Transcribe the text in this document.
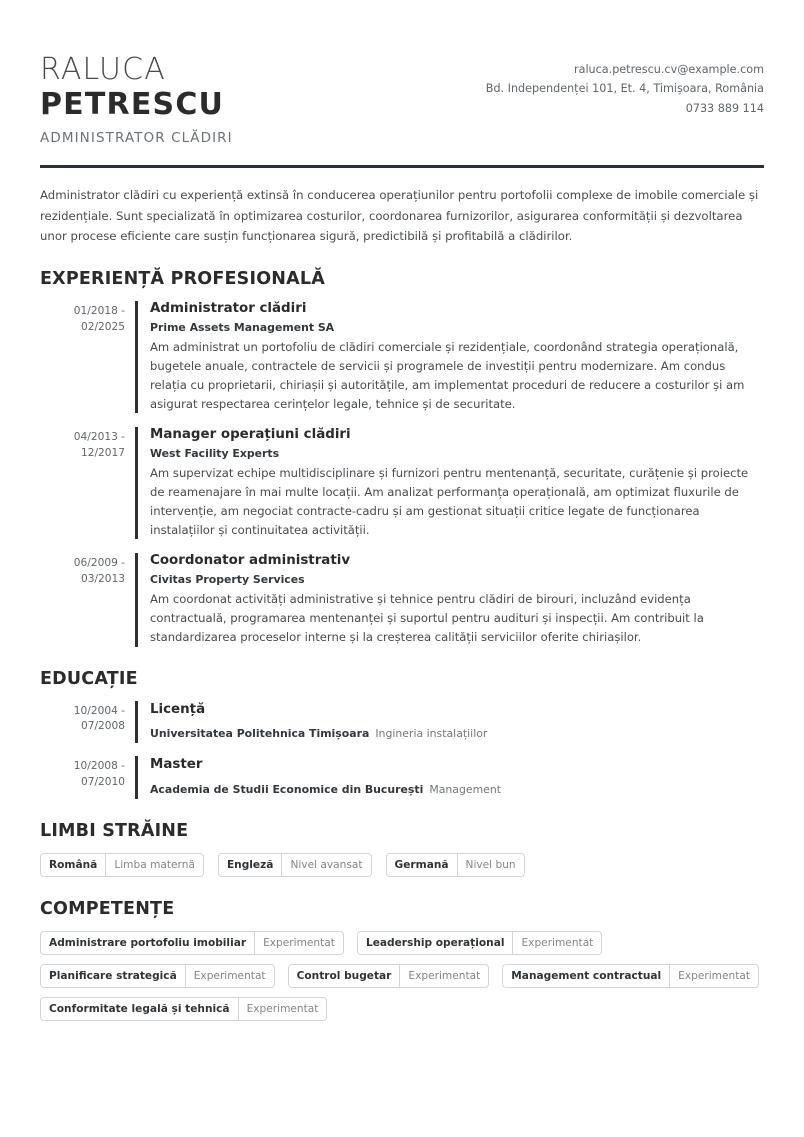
RALUCA
PETRESCU
ADMINISTRATOR CLĂDIRI
raluca.petrescu.cv@example.com
Bd. Independenței 101, Et. 4, Timișoara, România
0733 889 114
Administrator clădiri cu experiență extinsă în conducerea operațiunilor pentru portofolii complexe de imobile comerciale și rezidențiale. Sunt specializată în optimizarea costurilor, coordonarea furnizorilor, asigurarea conformității și dezvoltarea unor procese eficiente care susțin funcționarea sigură, predictibilă și profitabilă a clădirilor.
EXPERIENȚĂ PROFESIONALĂ
01/2018 -
02/2025
Administrator clădiri
Prime Assets Management SA
Am administrat un portofoliu de clădiri comerciale și rezidențiale, coordonând strategia operațională, bugetele anuale, contractele de servicii și programele de investiții pentru modernizare. Am condus relația cu proprietarii, chiriașii și autoritățile, am implementat proceduri de reducere a costurilor și am asigurat respectarea cerințelor legale, tehnice și de securitate.
04/2013 -
12/2017
Manager operațiuni clădiri
West Facility Experts
Am supervizat echipe multidisciplinare și furnizori pentru mentenanță, securitate, curățenie și proiecte de reamenajare în mai multe locații. Am analizat performanța operațională, am optimizat fluxurile de intervenție, am negociat contracte-cadru și am gestionat situații critice legate de funcționarea instalațiilor și continuitatea activității.
06/2009 -
03/2013
Coordonator administrativ
Civitas Property Services
Am coordonat activități administrative și tehnice pentru clădiri de birouri, incluzând evidența contractuală, programarea mentenanței și suportul pentru audituri și inspecții. Am contribuit la standardizarea proceselor interne și la creșterea calității serviciilor oferite chiriașilor.
EDUCAȚIE
10/2004 -
07/2008
Licență
Universitatea Politehnica Timișoara Ingineria instalațiilor
10/2008 -
07/2010
Master
Academia de Studii Economice din București Management
LIMBI STRĂINE
Română	Limba maternă	Engleză	Nivel avansat	Germană	Nivel bun
COMPETENȚE
Administrare portofoliu imobiliar	Experimentat	Leadership operațional	Experimentat
Planificare strategică	Experimentat	Control bugetar	Experimentat	Management contractual	Experimentat
Conformitate legală și tehnică	Experimentat
